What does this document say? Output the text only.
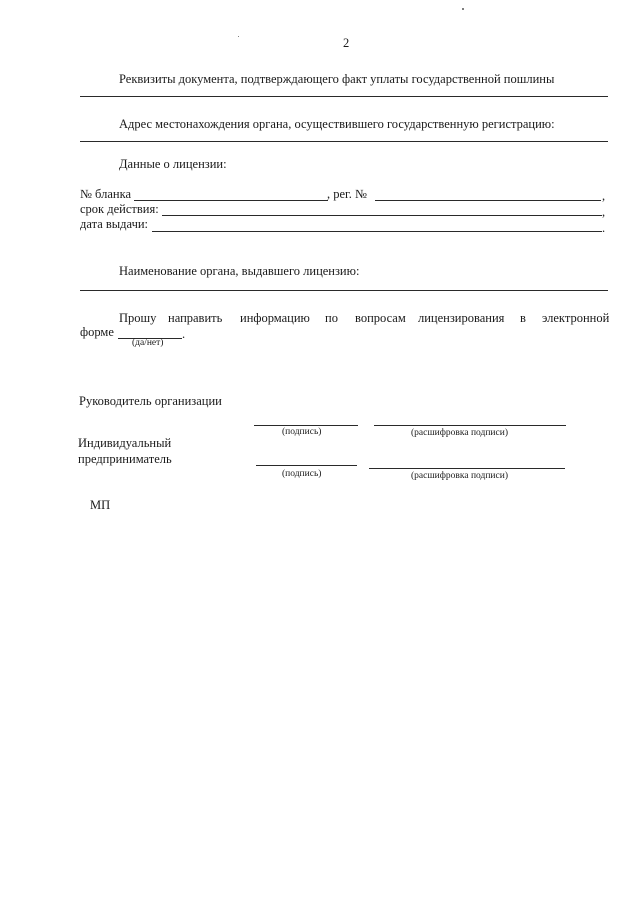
2
Реквизиты документа, подтверждающего факт уплаты государственной пошлины
Адрес местонахождения органа, осуществившего государственную регистрацию:
Данные о лицензии:
№ бланка	, рег. №	,
срок действия:	,
дата выдачи:	.
Наименование органа, выдавшего лицензию:
Прошу направить информацию по вопросам лицензирования в электронной
форме	.
(да/нет)
Руководитель организации
(подпись)	(расшифровка подписи)
Индивидуальный
предприниматель
(подпись)	(расшифровка подписи)
МП
